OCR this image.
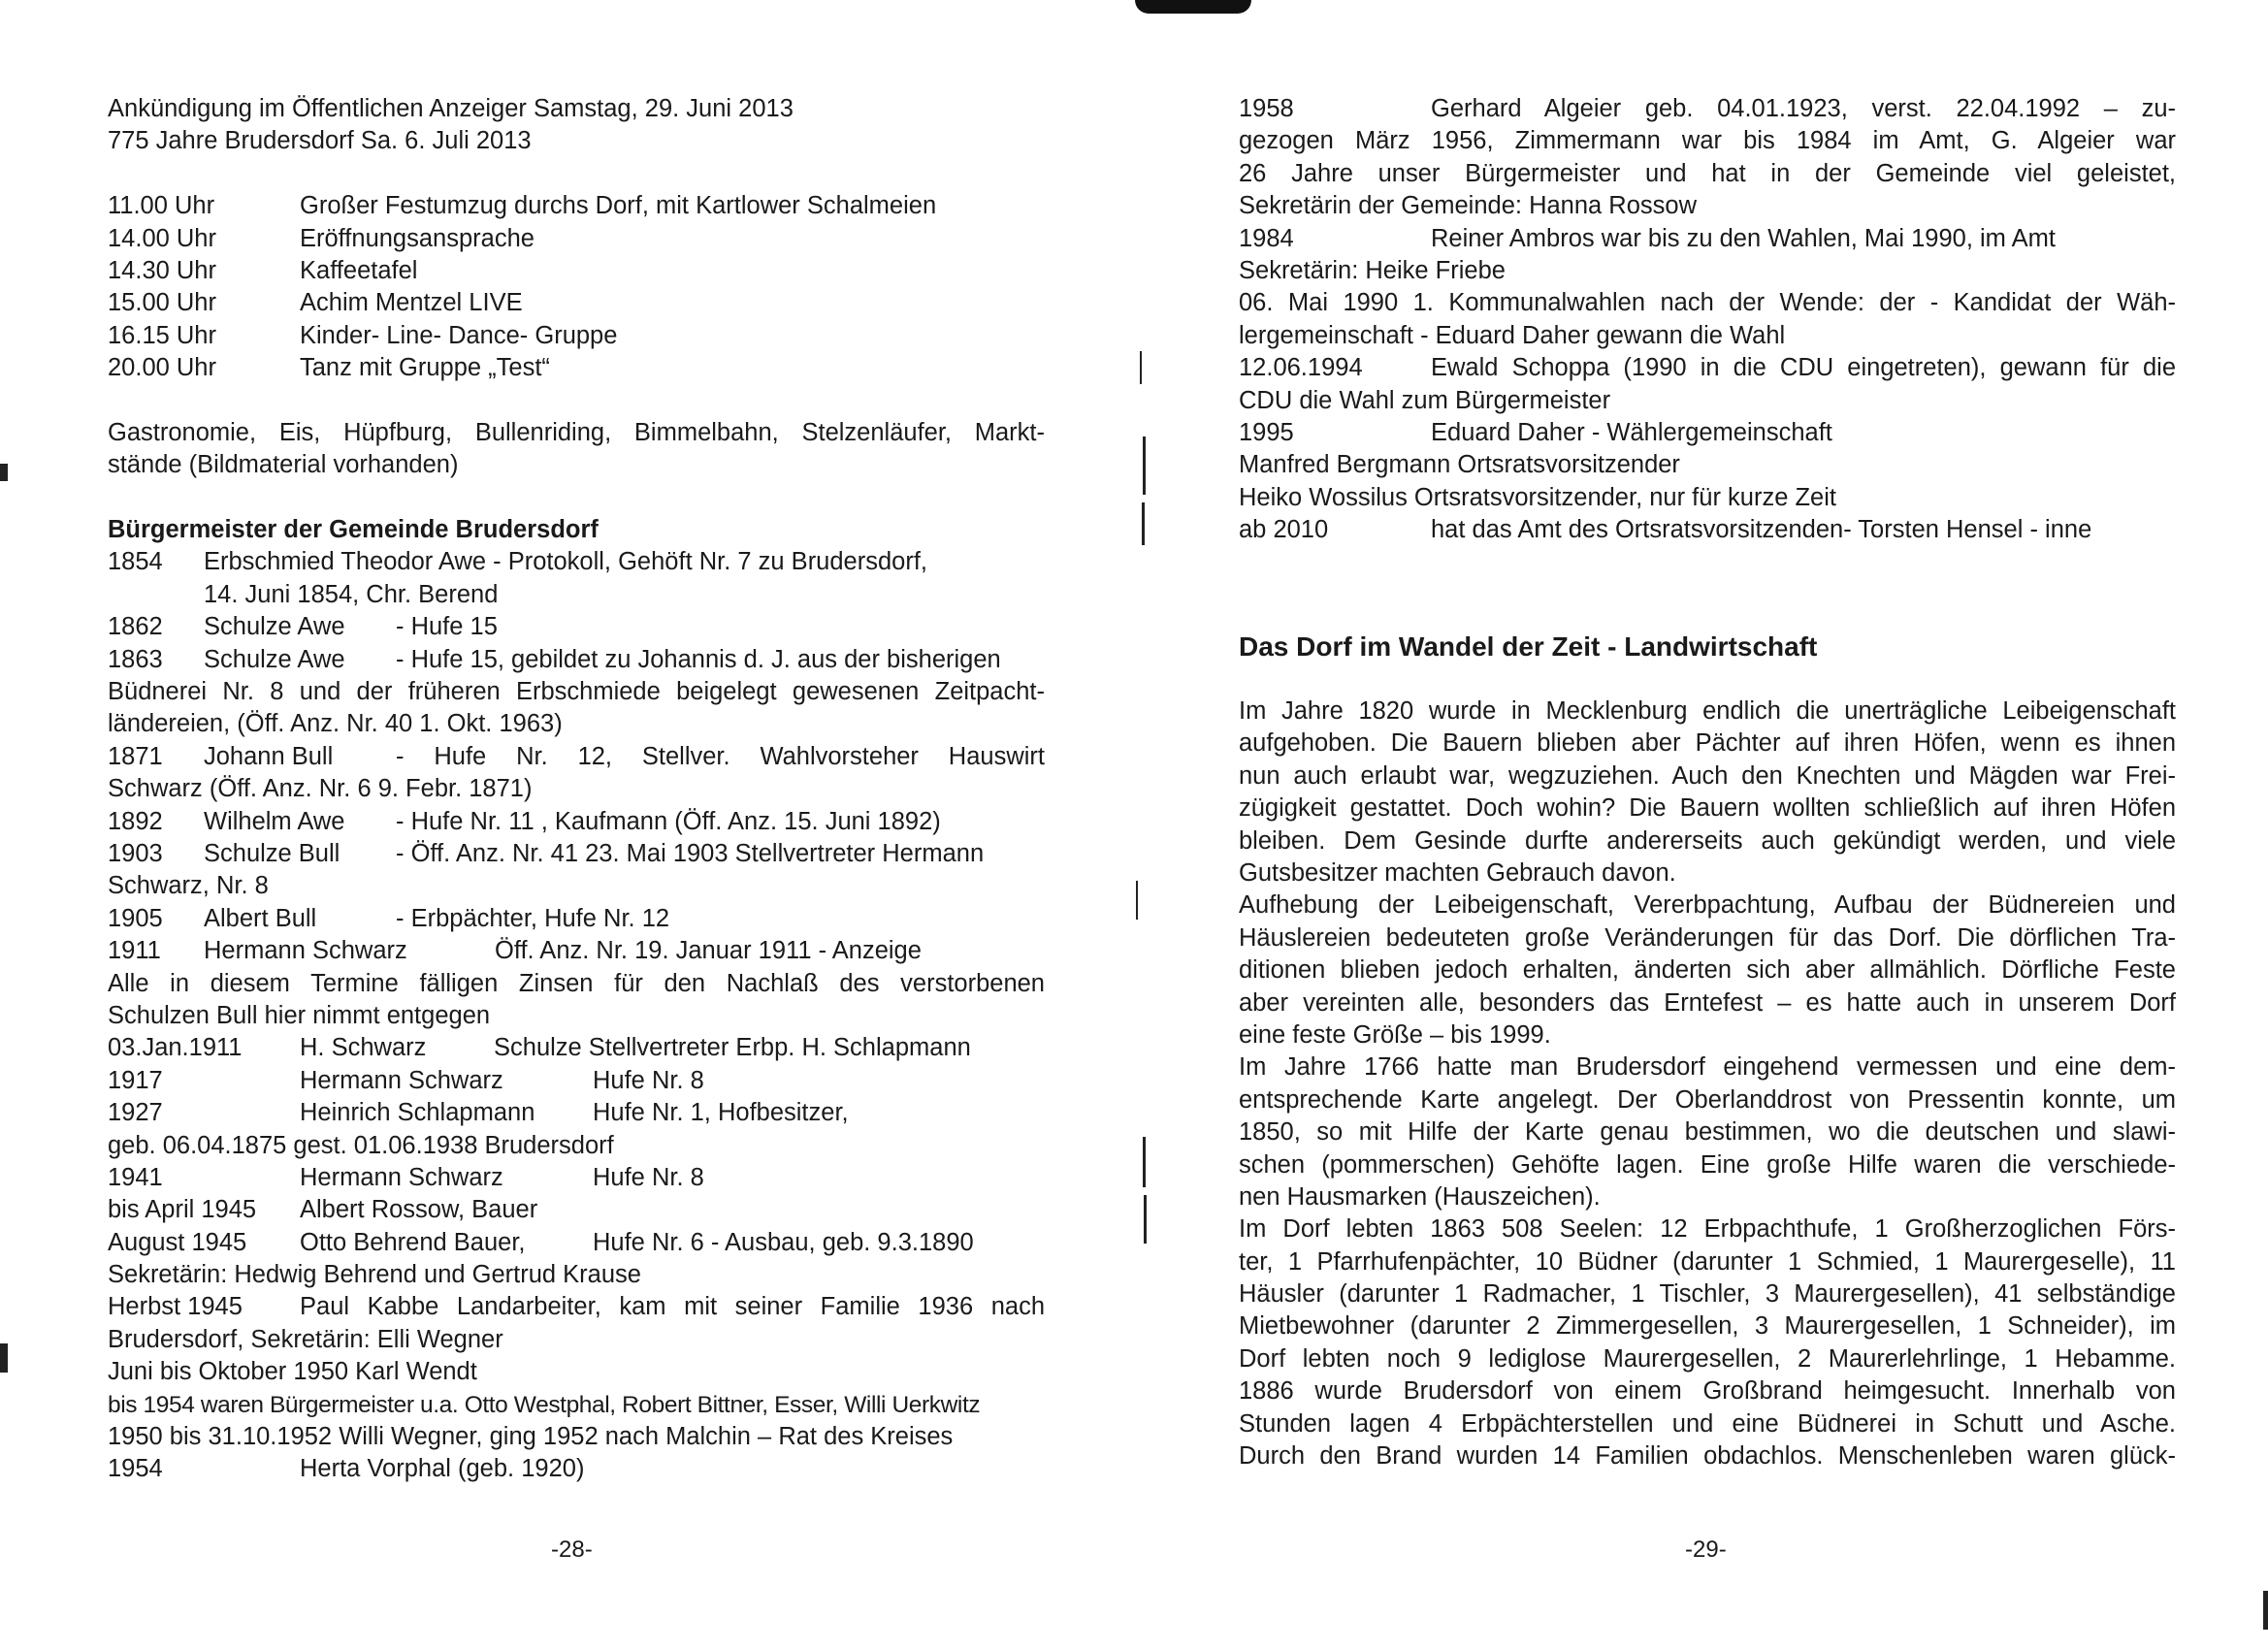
Ankündigung im Öffentlichen Anzeiger Samstag, 29. Juni 2013
775 Jahre Brudersdorf Sa. 6. Juli 2013
11.00 Uhr	Großer Festumzug durchs Dorf, mit Kartlower Schalmeien
14.00 Uhr	Eröffnungsansprache
14.30 Uhr	Kaffeetafel
15.00 Uhr	Achim Mentzel LIVE
16.15 Uhr	Kinder- Line- Dance- Gruppe
20.00 Uhr	Tanz mit Gruppe „Test“
Gastronomie, Eis, Hüpfburg, Bullenriding, Bimmelbahn, Stelzenläufer, Markt-
stände (Bildmaterial vorhanden)
Bürgermeister der Gemeinde Brudersdorf
1854	Erbschmied Theodor Awe - Protokoll, Gehöft Nr. 7 zu Brudersdorf,
14. Juni 1854, Chr. Berend
1862	Schulze Awe	- Hufe 15
1863	Schulze Awe	- Hufe 15, gebildet zu Johannis d. J. aus der bisherigen
Büdnerei Nr. 8 und der früheren Erbschmiede beigelegt gewesenen Zeitpacht-
ländereien, (Öff. Anz. Nr. 40 1. Okt. 1963)
1871	Johann Bull	- Hufe Nr. 12, Stellver. Wahlvorsteher Hauswirt
Schwarz (Öff. Anz. Nr. 6 9. Febr. 1871)
1892	Wilhelm Awe	- Hufe Nr. 11 , Kaufmann (Öff. Anz. 15. Juni 1892)
1903	Schulze Bull	- Öff. Anz. Nr. 41 23. Mai 1903 Stellvertreter Hermann
Schwarz, Nr. 8
1905	Albert Bull	- Erbpächter, Hufe Nr. 12
1911	Hermann Schwarz	Öff. Anz. Nr. 19. Januar 1911 - Anzeige
Alle in diesem Termine fälligen Zinsen für den Nachlaß des verstorbenen
Schulzen Bull hier nimmt entgegen
03.Jan.1911	H. Schwarz	Schulze Stellvertreter Erbp. H. Schlapmann
1917	Hermann Schwarz	Hufe Nr. 8
1927	Heinrich Schlapmann	Hufe Nr. 1, Hofbesitzer,
geb. 06.04.1875 gest. 01.06.1938 Brudersdorf
1941	Hermann Schwarz	Hufe Nr. 8
bis April 1945	Albert Rossow, Bauer
August 1945	Otto Behrend Bauer,	Hufe Nr. 6 - Ausbau, geb. 9.3.1890
Sekretärin: Hedwig Behrend und Gertrud Krause
Herbst 1945	Paul Kabbe Landarbeiter, kam mit seiner Familie 1936 nach
Brudersdorf, Sekretärin: Elli Wegner
Juni bis Oktober 1950 Karl Wendt
bis 1954 waren Bürgermeister u.a. Otto Westphal, Robert Bittner, Esser, Willi Uerkwitz
1950 bis 31.10.1952 Willi Wegner, ging 1952 nach Malchin – Rat des Kreises
1954	Herta Vorphal (geb. 1920)
-28-
1958	Gerhard Algeier geb. 04.01.1923, verst. 22.04.1992 – zu-
gezogen März 1956, Zimmermann war bis 1984 im Amt, G. Algeier war
26 Jahre unser Bürgermeister und hat in der Gemeinde viel geleistet,
Sekretärin der Gemeinde: Hanna Rossow
1984	Reiner Ambros war bis zu den Wahlen, Mai 1990, im Amt
Sekretärin: Heike Friebe
06. Mai 1990 1. Kommunalwahlen nach der Wende: der - Kandidat der Wäh-
lergemeinschaft - Eduard Daher gewann die Wahl
12.06.1994	Ewald Schoppa (1990 in die CDU eingetreten), gewann für die
CDU die Wahl zum Bürgermeister
1995	Eduard Daher - Wählergemeinschaft
Manfred Bergmann Ortsratsvorsitzender
Heiko Wossilus Ortsratsvorsitzender, nur für kurze Zeit
ab 2010	hat das Amt des Ortsratsvorsitzenden- Torsten Hensel - inne
Das Dorf im Wandel der Zeit - Landwirtschaft
Im Jahre 1820 wurde in Mecklenburg endlich die unerträgliche Leibeigenschaft
aufgehoben. Die Bauern blieben aber Pächter auf ihren Höfen, wenn es ihnen
nun auch erlaubt war, wegzuziehen. Auch den Knechten und Mägden war Frei-
zügigkeit gestattet. Doch wohin? Die Bauern wollten schließlich auf ihren Höfen
bleiben. Dem Gesinde durfte andererseits auch gekündigt werden, und viele
Gutsbesitzer machten Gebrauch davon.
Aufhebung der Leibeigenschaft, Vererbpachtung, Aufbau der Büdnereien und
Häuslereien bedeuteten große Veränderungen für das Dorf. Die dörflichen Tra-
ditionen blieben jedoch erhalten, änderten sich aber allmählich. Dörfliche Feste
aber vereinten alle, besonders das Erntefest – es hatte auch in unserem Dorf
eine feste Größe – bis 1999.
Im Jahre 1766 hatte man Brudersdorf eingehend vermessen und eine dem-
entsprechende Karte angelegt. Der Oberlanddrost von Pressentin konnte, um
1850, so mit Hilfe der Karte genau bestimmen, wo die deutschen und slawi-
schen (pommerschen) Gehöfte lagen. Eine große Hilfe waren die verschiede-
nen Hausmarken (Hauszeichen).
Im Dorf lebten 1863 508 Seelen: 12 Erbpachthufe, 1 Großherzoglichen Förs-
ter, 1 Pfarrhufenpächter, 10 Büdner (darunter 1 Schmied, 1 Maurergeselle), 11
Häusler (darunter 1 Radmacher, 1 Tischler, 3 Maurergesellen), 41 selbständige
Mietbewohner (darunter 2 Zimmergesellen, 3 Maurergesellen, 1 Schneider), im
Dorf lebten noch 9 lediglose Maurergesellen, 2 Maurerlehrlinge, 1 Hebamme.
1886 wurde Brudersdorf von einem Großbrand heimgesucht. Innerhalb von
Stunden lagen 4 Erbpächterstellen und eine Büdnerei in Schutt und Asche.
Durch den Brand wurden 14 Familien obdachlos. Menschenleben waren glück-
-29-
